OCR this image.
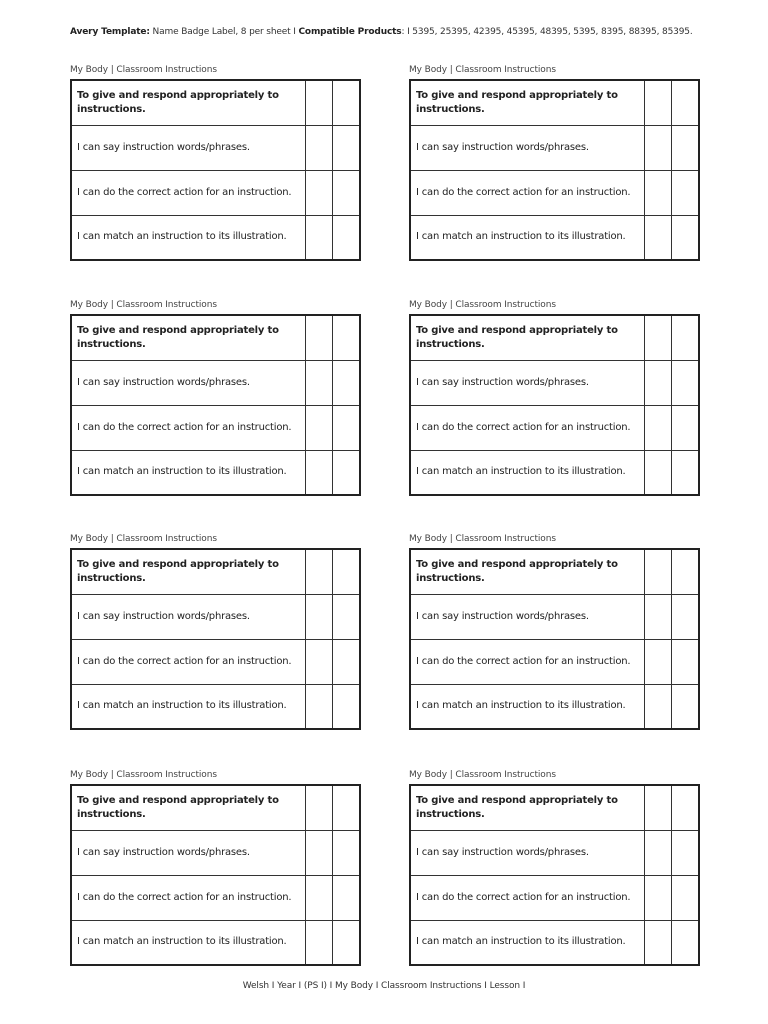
Avery Template: Name Badge Label, 8 per sheet I Compatible Products: I 5395, 25395, 42395, 45395, 48395, 5395, 8395, 88395, 85395.
My Body | Classroom Instructions
To give and respond appropriately to instructions.		
I can say instruction words/phrases.		
I can do the correct action for an instruction.		
I can match an instruction to its illustration.		
My Body | Classroom Instructions
To give and respond appropriately to instructions.		
I can say instruction words/phrases.		
I can do the correct action for an instruction.		
I can match an instruction to its illustration.		
My Body | Classroom Instructions
To give and respond appropriately to instructions.		
I can say instruction words/phrases.		
I can do the correct action for an instruction.		
I can match an instruction to its illustration.		
My Body | Classroom Instructions
To give and respond appropriately to instructions.		
I can say instruction words/phrases.		
I can do the correct action for an instruction.		
I can match an instruction to its illustration.		
My Body | Classroom Instructions
To give and respond appropriately to instructions.		
I can say instruction words/phrases.		
I can do the correct action for an instruction.		
I can match an instruction to its illustration.		
My Body | Classroom Instructions
To give and respond appropriately to instructions.		
I can say instruction words/phrases.		
I can do the correct action for an instruction.		
I can match an instruction to its illustration.		
My Body | Classroom Instructions
To give and respond appropriately to instructions.		
I can say instruction words/phrases.		
I can do the correct action for an instruction.		
I can match an instruction to its illustration.		
My Body | Classroom Instructions
To give and respond appropriately to instructions.		
I can say instruction words/phrases.		
I can do the correct action for an instruction.		
I can match an instruction to its illustration.		
Welsh I Year I (PS I) I My Body I Classroom Instructions I Lesson I
